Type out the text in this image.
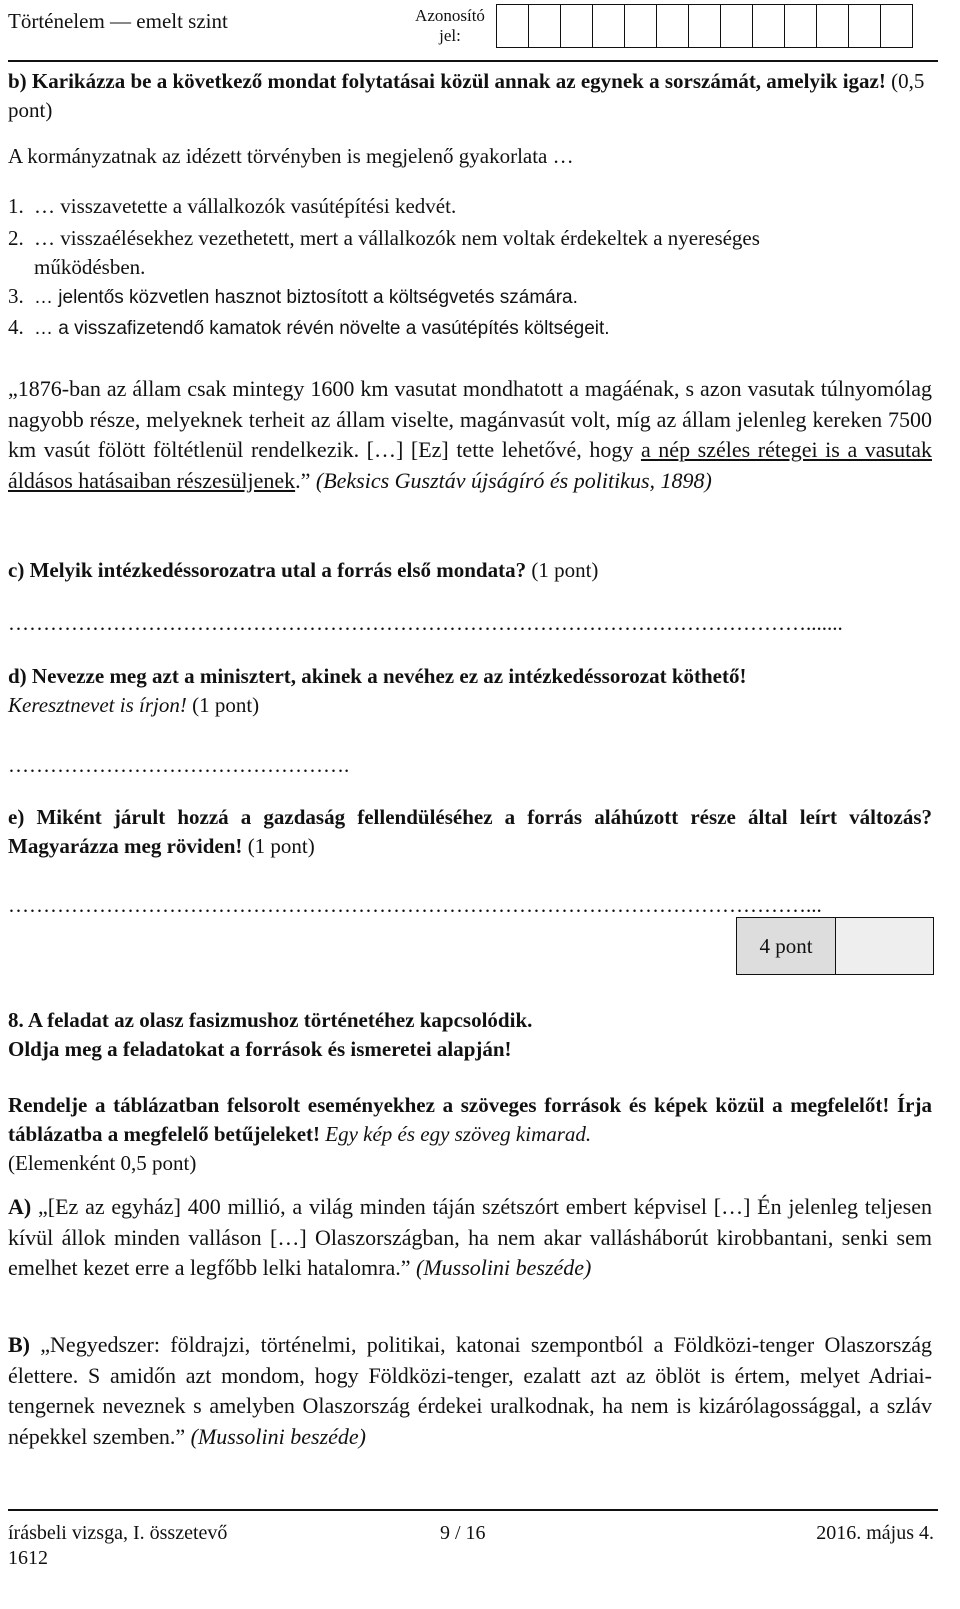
Történelem — emelt szint	Azonosító jel:
b) Karikázza be a következő mondat folytatásai közül annak az egynek a sorszámát, amelyik igaz! (0,5 pont)
A kormányzatnak az idézett törvényben is megjelenő gyakorlata …
1. … visszavetette a vállalkozók vasútépítési kedvét.
2. … visszaélésekhez vezethetett, mert a vállalkozók nem voltak érdekeltek a nyereséges
működésben.
3. … jelentős közvetlen hasznot biztosított a költségvetés számára.
4. … a visszafizetendő kamatok révén növelte a vasútépítés költségeit.
„1876-ban az állam csak mintegy 1600 km vasutat mondhatott a magáénak, s azon vasutak túlnyomólag nagyobb része, melyeknek terheit az állam viselte, magánvasút volt, míg az állam jelenleg kereken 7500 km vasút fölött föltétlenül rendelkezik. […] [Ez] tette lehetővé, hogy a nép széles rétegei is a vasutak áldásos hatásaiban részesüljenek.” (Beksics Gusztáv újságíró és politikus, 1898)
c) Melyik intézkedéssorozatra utal a forrás első mondata? (1 pont)
…………………………………………………………………………………………………….......
d) Nevezze meg azt a minisztert, akinek a nevéhez ez az intézkedéssorozat köthető!
Keresztnevet is írjon! (1 pont)
………………………………………….
e) Miként járult hozzá a gazdaság fellendüléséhez a forrás aláhúzott része által leírt változás? Magyarázza meg röviden! (1 pont)
……………………………………………………………………………………………………...
4 pont
8. A feladat az olasz fasizmushoz történetéhez kapcsolódik.
Oldja meg a feladatokat a források és ismeretei alapján!
Rendelje a táblázatban felsorolt eseményekhez a szöveges források és képek közül a megfelelőt! Írja táblázatba a megfelelő betűjeleket! Egy kép és egy szöveg kimarad.
(Elemenként 0,5 pont)
A) „[Ez az egyház] 400 millió, a világ minden táján szétszórt embert képvisel […] Én jelenleg teljesen kívül állok minden valláson […] Olaszországban, ha nem akar vallásháborút kirobbantani, senki sem emelhet kezet erre a legfőbb lelki hatalomra.” (Mussolini beszéde)
B) „Negyedszer: földrajzi, történelmi, politikai, katonai szempontból a Földközi-tenger Olaszország élettere. S amidőn azt mondom, hogy Földközi-tenger, ezalatt azt az öblöt is értem, melyet Adriai-tengernek neveznek s amelyben Olaszország érdekei uralkodnak, ha nem is kizárólagossággal, a szláv népekkel szemben.” (Mussolini beszéde)
írásbeli vizsga, I. összetevő	9 / 16	2016. május 4.
1612
